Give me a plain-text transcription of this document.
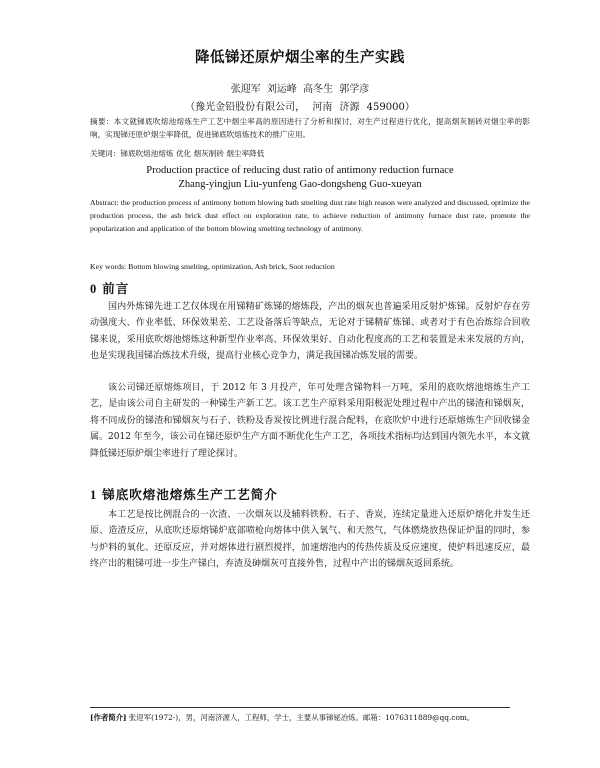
降低锑还原炉烟尘率的生产实践
张迎军 刘运峰 高冬生 郭学彦
（豫光金铅股份有限公司， 河南 济源 459000）
摘要：本文就锑底吹熔池熔炼生产工艺中烟尘率高的原因进行了分析和探讨，对生产过程进行优化，提高烟灰制砖对烟尘率的影响，实现锑还原炉烟尘率降低，促进锑底吹熔炼技术的推广应用。
关键词：锑底吹熔池熔炼 优化 烟灰制砖 烟尘率降低
Production practice of reducing dust ratio of antimony reduction furnace
Zhang-yingjun Liu-yunfeng Gao-dongsheng Guo-xueyan
Abstract: the production process of antimony bottom blowing bath smelting dust rate high reason were analyzed and discussed, optimize the production process, the ash brick dust effect on exploration rate, to achieve reduction of antimony furnace dust rate, promote the popularization and application of the bottom blowing smelting technology of antimony.
Key words: Bottom blowing smelting, optimization, Ash brick, Soot reduction
0 前言
国内外炼锑先进工艺仅体现在用锑精矿炼锑的熔炼段，产出的烟灰也普遍采用反射炉炼锑。反射炉存在劳动强度大、作业率低、环保效果差、工艺设备落后等缺点，无论对于锑精矿炼锑、或者对于有色冶炼综合回收锑来说，采用底吹熔池熔炼这种新型作业率高、环保效果好、自动化程度高的工艺和装置是未来发展的方向，也是实现我国锑冶炼技术升级，提高行业核心竞争力，满足我国锑冶炼发展的需要。
该公司锑还原熔炼项目，于 2012 年 3 月投产，年可处理含锑物料一万吨，采用的底吹熔池熔炼生产工艺，是由该公司自主研发的一种锑生产新工艺。该工艺生产原料采用阳极泥处理过程中产出的锑渣和锑烟灰，将不同成份的锑渣和锑烟灰与石子、铁粉及香炭按比例进行混合配料，在底吹炉中进行还原熔炼生产回收锑金属。2012 年至今，该公司在锑还原炉生产方面不断优化生产工艺，各项技术指标均达到国内领先水平，本文就降低锑还原炉烟尘率进行了理论探讨。
1 锑底吹熔池熔炼生产工艺简介
本工艺是按比例混合的一次渣、一次烟灰以及辅料铁粉、石子、香炭，连续定量进入还原炉熔化并发生还原、造渣反应，从底吹还原熔锑炉底部喷枪向熔体中供入氧气、和天然气，气体燃烧放热保证炉温的同时，参与炉料的氧化、还原反应，并对熔体进行剧烈搅拌，加速熔池内的传热传质及反应速度，使炉料迅速反应，最终产出的粗锑可进一步生产锑白，弃渣及砷烟灰可直接外售，过程中产出的锑烟灰返回系统。
[作者简介] 张迎军(1972-)，男，河南济源人，工程师，学士，主要从事锑铋冶炼。邮箱：1076311889@qq.com。
